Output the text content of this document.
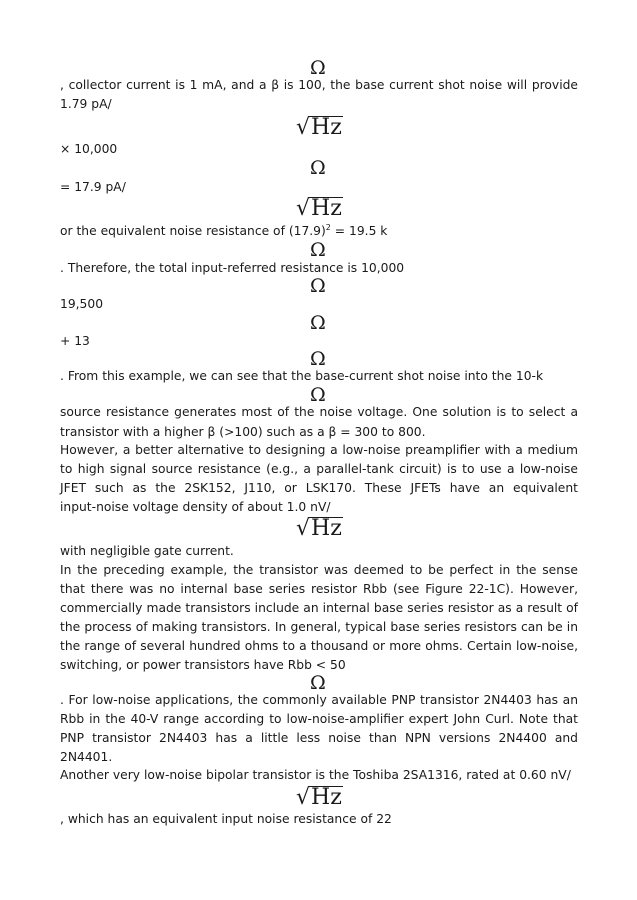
Ω
, collector current is 1 mA, and a β is 100, the base current shot noise will provide
1.79 pA/
√Hz
× 10,000
Ω
= 17.9 pA/
√Hz
or the equivalent noise resistance of $(17.9)^2 = 19.5$ k
Ω
. Therefore, the total input-referred resistance is 10,000
Ω
19,500
Ω
+ 13
Ω
. From this example, we can see that the base-current shot noise into the 10-k
Ω
source resistance generates most of the noise voltage. One solution is to select a
transistor with a higher β (>100) such as a β = 300 to 800.
However, a better alternative to designing a low-noise preamplifier with a medium
to high signal source resistance (e.g., a parallel-tank circuit) is to use a low-noise
JFET such as the 2SK152, J110, or LSK170. These JFETs have an equivalent
input-noise voltage density of about 1.0 nV/
√Hz
with negligible gate current.
In the preceding example, the transistor was deemed to be perfect in the sense
that there was no internal base series resistor Rbb (see Figure 22-1C). However,
commercially made transistors include an internal base series resistor as a result of
the process of making transistors. In general, typical base series resistors can be in
the range of several hundred ohms to a thousand or more ohms. Certain low-noise,
switching, or power transistors have Rbb < 50
Ω
. For low-noise applications, the commonly available PNP transistor 2N4403 has an
Rbb in the 40-V range according to low-noise-amplifier expert John Curl. Note that
PNP transistor 2N4403 has a little less noise than NPN versions 2N4400 and
2N4401.
Another very low-noise bipolar transistor is the Toshiba 2SA1316, rated at 0.60 nV/
√Hz
, which has an equivalent input noise resistance of 22
